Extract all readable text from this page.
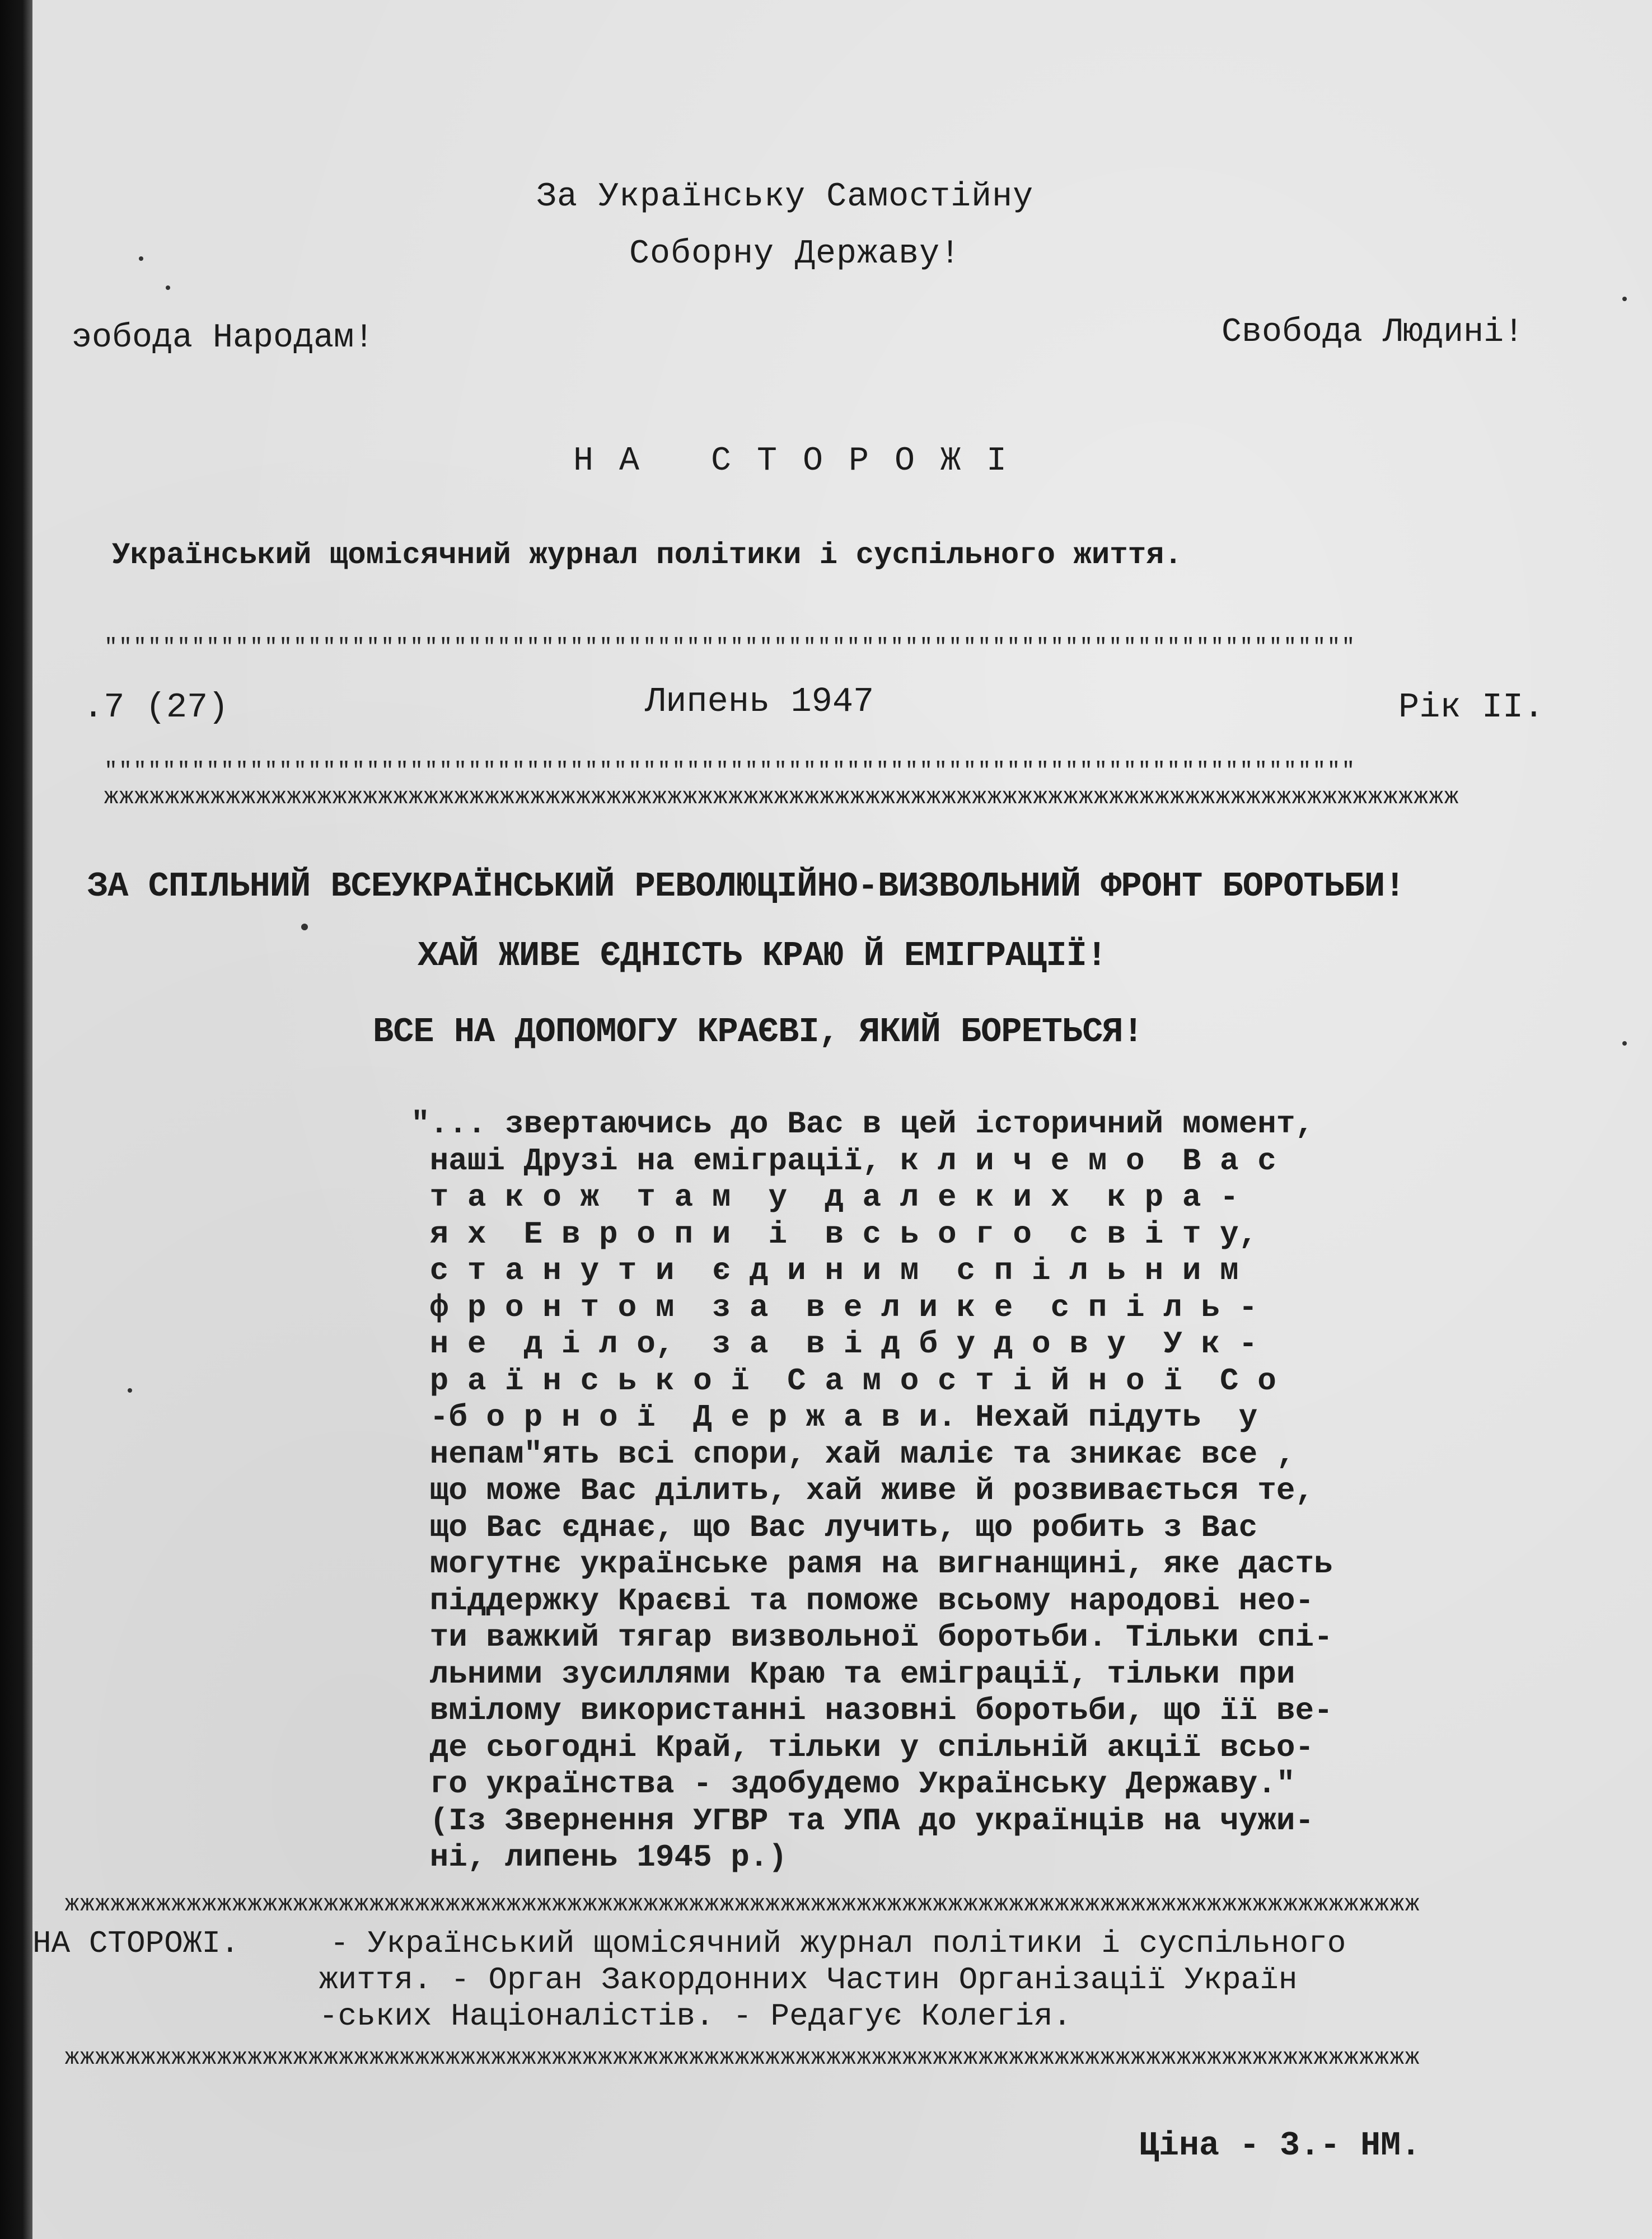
За Українську Самостійну
Соборну Державу!
эобода Народам!	Свобода Людині!
НА СТОРОЖІ
Український щомісячний журнал політики і суспільного життя.
""""""""""""""""""""""""""""""""""""""""""""""""""""""""""""""""""""""""""""""""""""""
.7 (27)	Липень 1947	Рік II.
""""""""""""""""""""""""""""""""""""""""""""""""""""""""""""""""""""""""""""""""""""""
жжжжжжжжжжжжжжжжжжжжжжжжжжжжжжжжжжжжжжжжжжжжжжжжжжжжжжжжжжжжжжжжжжжжжжжжжжжжжжжжжжжжжжжжж
ЗА СПІЛЬНИЙ ВСЕУКРАЇНСЬКИЙ РЕВОЛЮЦІЙНО-ВИЗВОЛЬНИЙ ФРОНТ БОРОТЬБИ!
ХАЙ ЖИВЕ ЄДНІСТЬ КРАЮ Й ЕМІГРАЦІЇ!
ВСЕ НА ДОПОМОГУ КРАЄВІ, ЯКИЙ БОРЕТЬСЯ!
"... звертаючись до Вас в цей історичний момент,
наші Друзі на еміграції, к л и ч е м о  В а с
т а к о ж  т а м  у  д а л е к и х  к р а -
я х  Е в р о п и  і  в с ь о г о  с в і т у,
с т а н у т и  є д и н и м  с п і л ь н и м
ф р о н т о м  з а  в е л и к е  с п і л ь -
н е  д і л о,  з а  в і д б у д о в у  У к -
р а ї н с ь к о ї  С а м о с т і й н о ї  С о
-б о р н о ї  Д е р ж а в и. Нехай підуть  у
непам"ять всі спори, хай маліє та зникає все ,
що може Вас ділить, хай живе й розвивається те,
що Вас єднає, що Вас лучить, що робить з Вас
могутнє українське рамя на вигнанщині, яке дасть
піддержку Краєві та поможе всьому народові нео-
ти важкий тягар визвольної боротьби. Тільки спі-
льними зусиллями Краю та еміграції, тільки при
вмілому використанні назовні боротьби, що її ве-
де сьогодні Край, тільки у спільній акції всьо-
го українства - здобудемо Українську Державу."
(Із Звернення УГВР та УПА до українців на чужи-
ні, липень 1945 р.)
жжжжжжжжжжжжжжжжжжжжжжжжжжжжжжжжжжжжжжжжжжжжжжжжжжжжжжжжжжжжжжжжжжжжжжжжжжжжжжжжжжжжжжжжж
НА СТОРОЖІ. - Український щомісячний журнал політики і суспільного
життя. - Орган Закордонних Частин Організації Україн
-ських Націоналістів. - Редагує Колегія.
жжжжжжжжжжжжжжжжжжжжжжжжжжжжжжжжжжжжжжжжжжжжжжжжжжжжжжжжжжжжжжжжжжжжжжжжжжжжжжжжжжжжжжжжж
Ціна - 3.- НМ.
